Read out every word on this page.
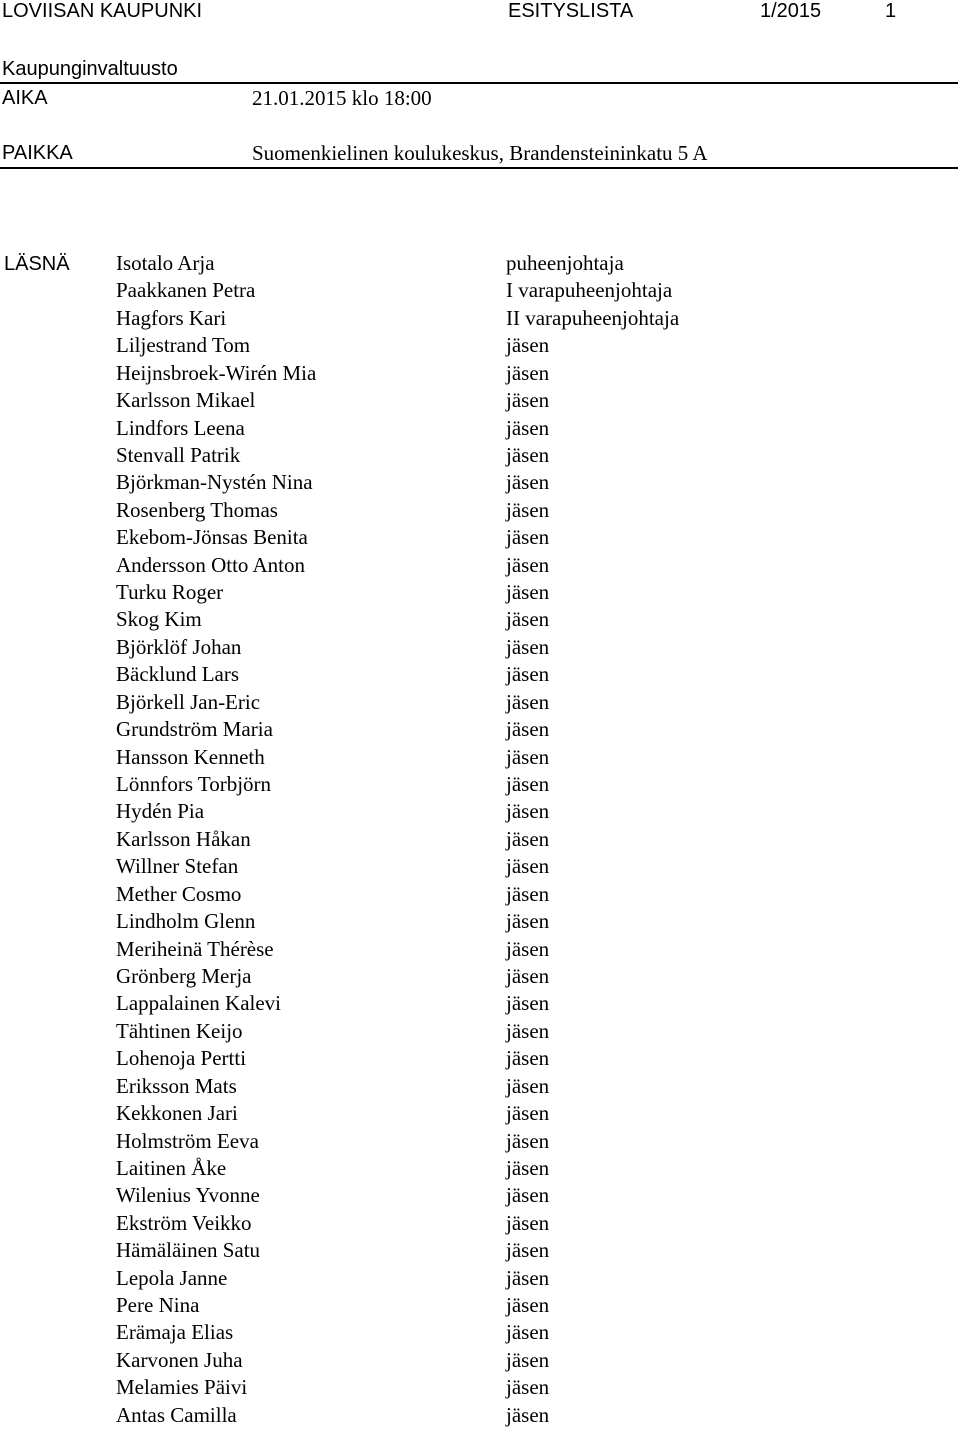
LOVIISAN KAUPUNKI	ESITYSLISTA	1/2015	1
Kaupunginvaltuusto
AIKA	21.01.2015 klo 18:00
PAIKKA	Suomenkielinen koulukeskus, Brandensteininkatu 5 A
LÄSNÄ Isotalo Arja	puheenjohtaja
Paakkanen Petra	I varapuheenjohtaja
Hagfors Kari	II varapuheenjohtaja
Liljestrand Tom	jäsen
Heijnsbroek-Wirén Mia	jäsen
Karlsson Mikael	jäsen
Lindfors Leena	jäsen
Stenvall Patrik	jäsen
Björkman-Nystén Nina	jäsen
Rosenberg Thomas	jäsen
Ekebom-Jönsas Benita	jäsen
Andersson Otto Anton	jäsen
Turku Roger	jäsen
Skog Kim	jäsen
Björklöf Johan	jäsen
Bäcklund Lars	jäsen
Björkell Jan-Eric	jäsen
Grundström Maria	jäsen
Hansson Kenneth	jäsen
Lönnfors Torbjörn	jäsen
Hydén Pia	jäsen
Karlsson Håkan	jäsen
Willner Stefan	jäsen
Mether Cosmo	jäsen
Lindholm Glenn	jäsen
Meriheinä Thérèse	jäsen
Grönberg Merja	jäsen
Lappalainen Kalevi	jäsen
Tähtinen Keijo	jäsen
Lohenoja Pertti	jäsen
Eriksson Mats	jäsen
Kekkonen Jari	jäsen
Holmström Eeva	jäsen
Laitinen Åke	jäsen
Wilenius Yvonne	jäsen
Ekström Veikko	jäsen
Hämäläinen Satu	jäsen
Lepola Janne	jäsen
Pere Nina	jäsen
Erämaja Elias	jäsen
Karvonen Juha	jäsen
Melamies Päivi	jäsen
Antas Camilla	jäsen
